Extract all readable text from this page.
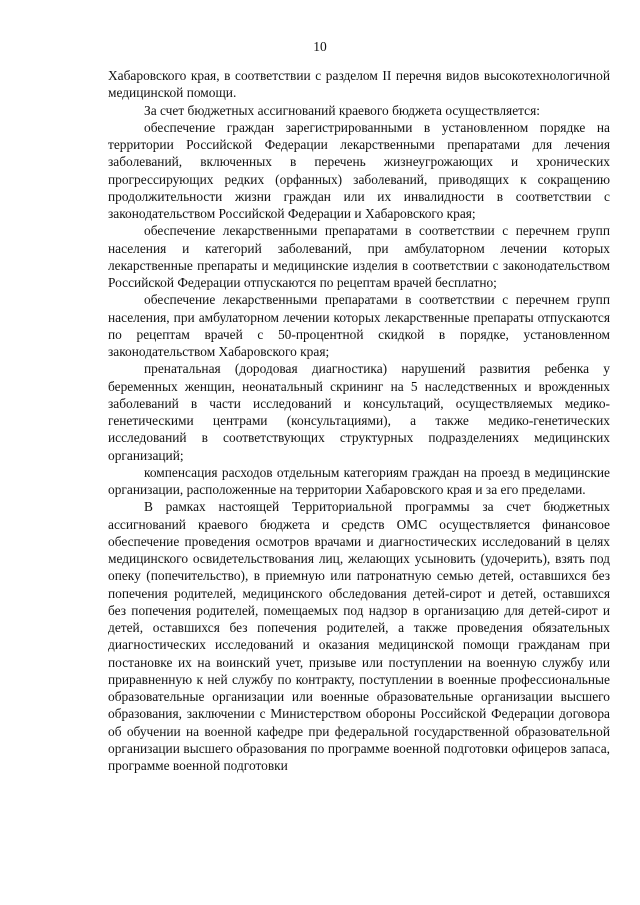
10

Хабаровского края, в соответствии с разделом II перечня видов высокотехнологичной медицинской помощи.

За счет бюджетных ассигнований краевого бюджета осуществляется:

обеспечение граждан зарегистрированными в установленном порядке на территории Российской Федерации лекарственными препаратами для лечения заболеваний, включенных в перечень жизнеугрожающих и хронических прогрессирующих редких (орфанных) заболеваний, приводящих к сокращению продолжительности жизни граждан или их инвалидности в соответствии с законодательством Российской Федерации и Хабаровского края;

обеспечение лекарственными препаратами в соответствии с перечнем групп населения и категорий заболеваний, при амбулаторном лечении которых лекарственные препараты и медицинские изделия в соответствии с законодательством Российской Федерации отпускаются по рецептам врачей бесплатно;

обеспечение лекарственными препаратами в соответствии с перечнем групп населения, при амбулаторном лечении которых лекарственные препараты отпускаются по рецептам врачей с 50-процентной скидкой в порядке, установленном законодательством Хабаровского края;

пренатальная (дородовая диагностика) нарушений развития ребенка у беременных женщин, неонатальный скрининг на 5 наследственных и врожденных заболеваний в части исследований и консультаций, осуществляемых медико-генетическими центрами (консультациями), а также медико-генетических исследований в соответствующих структурных подразделениях медицинских организаций;

компенсация расходов отдельным категориям граждан на проезд в медицинские организации, расположенные на территории Хабаровского края и за его пределами.

В рамках настоящей Территориальной программы за счет бюджетных ассигнований краевого бюджета и средств ОМС осуществляется финансовое обеспечение проведения осмотров врачами и диагностических исследований в целях медицинского освидетельствования лиц, желающих усыновить (удочерить), взять под опеку (попечительство), в приемную или патронатную семью детей, оставшихся без попечения родителей, медицинского обследования детей-сирот и детей, оставшихся без попечения родителей, помещаемых под надзор в организацию для детей-сирот и детей, оставшихся без попечения родителей, а также проведения обязательных диагностических исследований и оказания медицинской помощи гражданам при постановке их на воинский учет, призыве или поступлении на военную службу или приравненную к ней службу по контракту, поступлении в военные профессиональные образовательные организации или военные образовательные организации высшего образования, заключении с Министерством обороны Российской Федерации договора об обучении на военной кафедре при федеральной государственной образовательной организации высшего образования по программе военной подготовки офицеров запаса, программе военной подготовки
